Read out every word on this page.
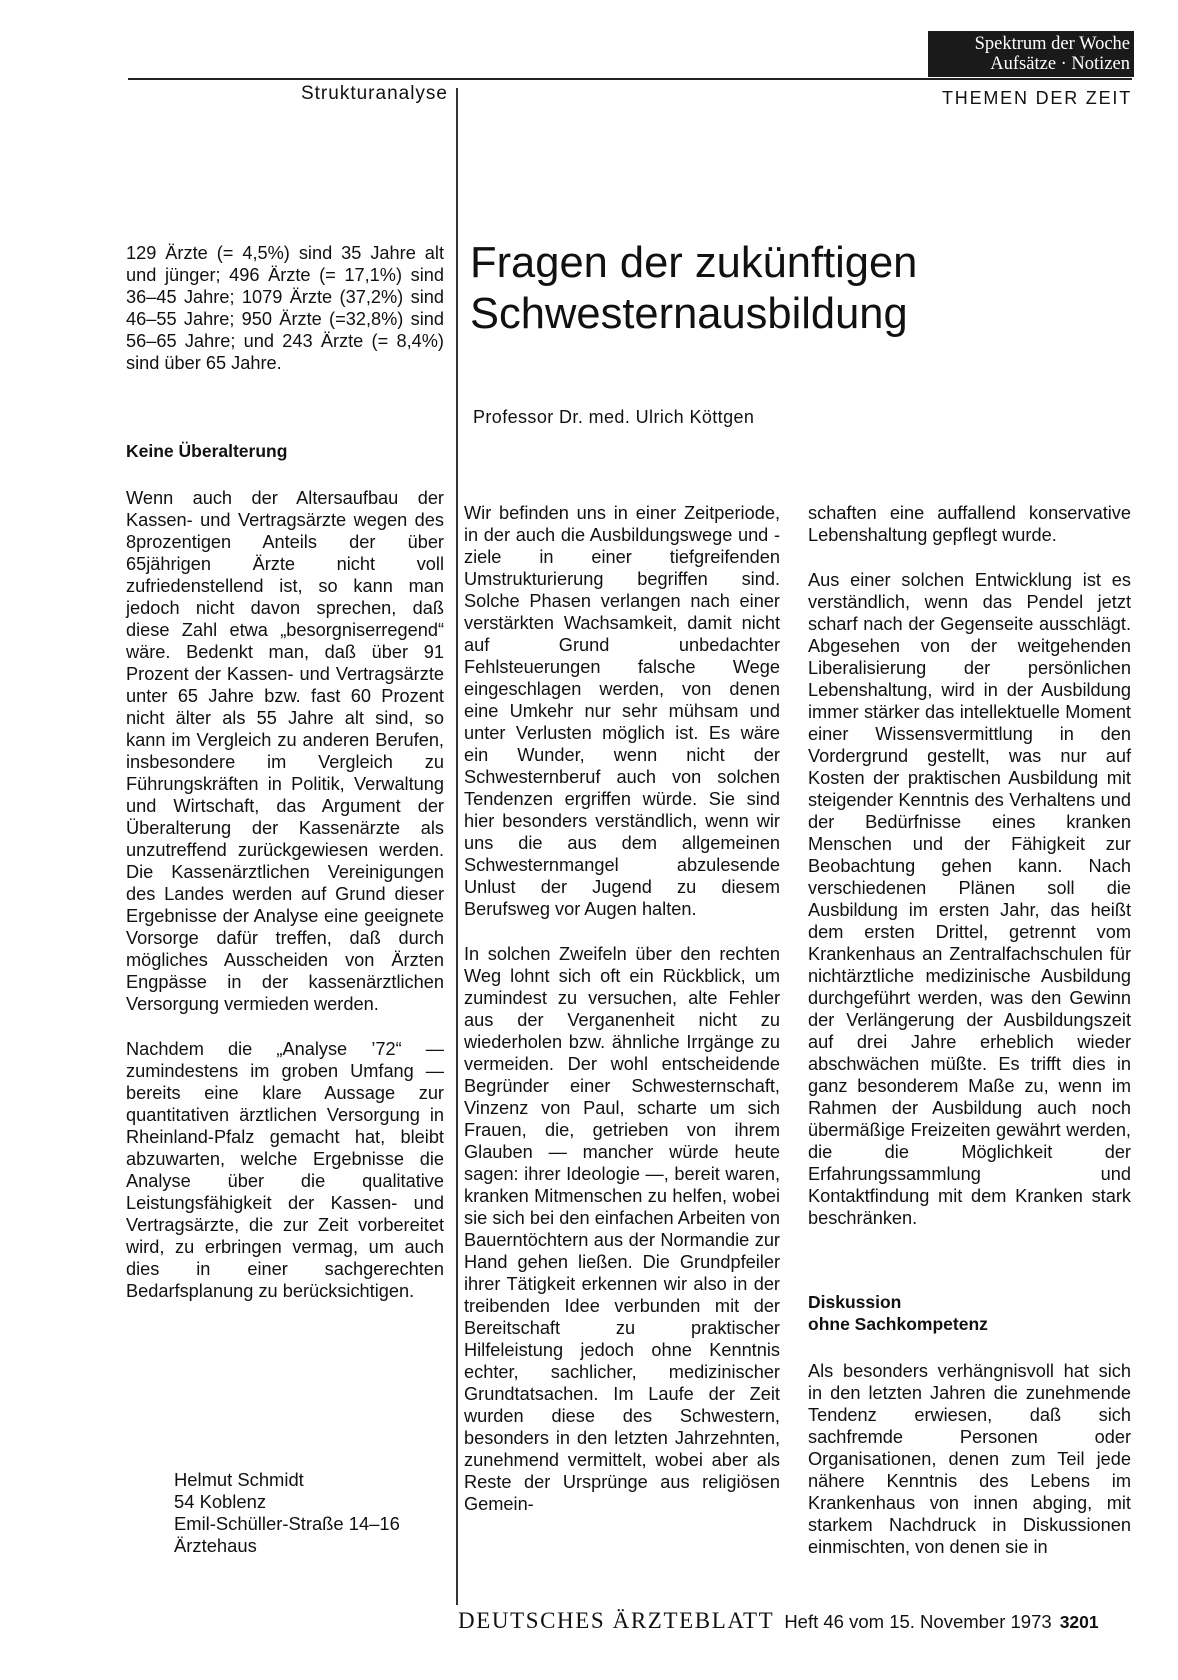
Spektrum der Woche
Aufsätze · Notizen
Strukturanalyse	THEMEN DER ZEIT
Fragen der zukünftigen
Schwesternausbildung
Professor Dr. med. Ulrich Köttgen

129 Ärzte (= 4,5%) sind 35 Jahre alt und jünger; 496 Ärzte (= 17,1%) sind 36–45 Jahre; 1079 Ärzte (37,2%) sind 46–55 Jahre; 950 Ärzte (=32,8%) sind 56–65 Jahre; und 243 Ärzte (= 8,4%) sind über 65 Jahre.

Keine Überalterung

Wenn auch der Altersaufbau der Kassen- und Vertragsärzte wegen des 8prozentigen Anteils der über 65jährigen Ärzte nicht voll zufriedenstellend ist, so kann man jedoch nicht davon sprechen, daß diese Zahl etwa „besorgniserregend“ wäre. Bedenkt man, daß über 91 Prozent der Kassen- und Vertragsärzte unter 65 Jahre bzw. fast 60 Prozent nicht älter als 55 Jahre alt sind, so kann im Vergleich zu anderen Berufen, insbesondere im Vergleich zu Führungskräften in Politik, Verwaltung und Wirtschaft, das Argument der Überalterung der Kassenärzte als unzutreffend zurückgewiesen werden. Die Kassenärztlichen Vereinigungen des Landes werden auf Grund dieser Ergebnisse der Analyse eine geeignete Vorsorge dafür treffen, daß durch mögliches Ausscheiden von Ärzten Engpässe in der kassenärztlichen Versorgung vermieden werden.

Nachdem die „Analyse ’72“ — zumindestens im groben Umfang — bereits eine klare Aussage zur quantitativen ärztlichen Versorgung in Rheinland-Pfalz gemacht hat, bleibt abzuwarten, welche Ergebnisse die Analyse über die qualitative Leistungsfähigkeit der Kassen- und Vertragsärzte, die zur Zeit vorbereitet wird, zu erbringen vermag, um auch dies in einer sachgerechten Bedarfsplanung zu berücksichtigen.

Helmut Schmidt
54 Koblenz
Emil-Schüller-Straße 14–16
Ärztehaus

Wir befinden uns in einer Zeitperiode, in der auch die Ausbildungswege und -ziele in einer tiefgreifenden Umstrukturierung begriffen sind. Solche Phasen verlangen nach einer verstärkten Wachsamkeit, damit nicht auf Grund unbedachter Fehlsteuerungen falsche Wege eingeschlagen werden, von denen eine Umkehr nur sehr mühsam und unter Verlusten möglich ist. Es wäre ein Wunder, wenn nicht der Schwesternberuf auch von solchen Tendenzen ergriffen würde. Sie sind hier besonders verständlich, wenn wir uns die aus dem allgemeinen Schwesternmangel abzulesende Unlust der Jugend zu diesem Berufsweg vor Augen halten.

In solchen Zweifeln über den rechten Weg lohnt sich oft ein Rückblick, um zumindest zu versuchen, alte Fehler aus der Verganenheit nicht zu wiederholen bzw. ähnliche Irrgänge zu vermeiden. Der wohl entscheidende Begründer einer Schwesternschaft, Vinzenz von Paul, scharte um sich Frauen, die, getrieben von ihrem Glauben — mancher würde heute sagen: ihrer Ideologie —, bereit waren, kranken Mitmenschen zu helfen, wobei sie sich bei den einfachen Arbeiten von Bauerntöchtern aus der Normandie zur Hand gehen ließen. Die Grundpfeiler ihrer Tätigkeit erkennen wir also in der treibenden Idee verbunden mit der Bereitschaft zu praktischer Hilfeleistung jedoch ohne Kenntnis echter, sachlicher, medizinischer Grundtatsachen. Im Laufe der Zeit wurden diese des Schwestern, besonders in den letzten Jahrzehnten, zunehmend vermittelt, wobei aber als Reste der Ursprünge aus religiösen Gemein-

schaften eine auffallend konservative Lebenshaltung gepflegt wurde.

Aus einer solchen Entwicklung ist es verständlich, wenn das Pendel jetzt scharf nach der Gegenseite ausschlägt. Abgesehen von der weitgehenden Liberalisierung der persönlichen Lebenshaltung, wird in der Ausbildung immer stärker das intellektuelle Moment einer Wissensvermittlung in den Vordergrund gestellt, was nur auf Kosten der praktischen Ausbildung mit steigender Kenntnis des Verhaltens und der Bedürfnisse eines kranken Menschen und der Fähigkeit zur Beobachtung gehen kann. Nach verschiedenen Plänen soll die Ausbildung im ersten Jahr, das heißt dem ersten Drittel, getrennt vom Krankenhaus an Zentralfachschulen für nichtärztliche medizinische Ausbildung durchgeführt werden, was den Gewinn der Verlängerung der Ausbildungszeit auf drei Jahre erheblich wieder abschwächen müßte. Es trifft dies in ganz besonderem Maße zu, wenn im Rahmen der Ausbildung auch noch übermäßige Freizeiten gewährt werden, die die Möglichkeit der Erfahrungssammlung und Kontaktfindung mit dem Kranken stark beschränken.

Diskussion
ohne Sachkompetenz

Als besonders verhängnisvoll hat sich in den letzten Jahren die zunehmende Tendenz erwiesen, daß sich sachfremde Personen oder Organisationen, denen zum Teil jede nähere Kenntnis des Lebens im Krankenhaus von innen abging, mit starkem Nachdruck in Diskussionen einmischten, von denen sie in

DEUTSCHES ÄRZTEBLATT Heft 46 vom 15. November 1973 3201
